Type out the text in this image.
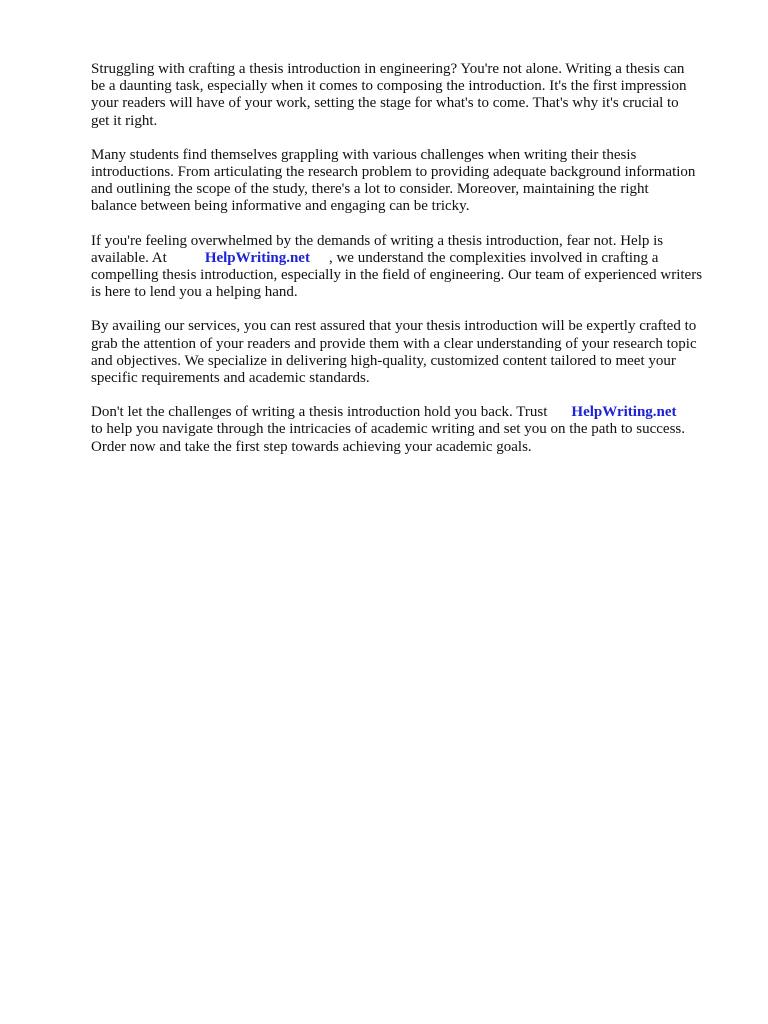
Struggling with crafting a thesis introduction in engineering? You're not alone. Writing a thesis can
be a daunting task, especially when it comes to composing the introduction. It's the first impression
your readers will have of your work, setting the stage for what's to come. That's why it's crucial to
get it right.

Many students find themselves grappling with various challenges when writing their thesis
introductions. From articulating the research problem to providing adequate background information
and outlining the scope of the study, there's a lot to consider. Moreover, maintaining the right
balance between being informative and engaging can be tricky.

If you're feeling overwhelmed by the demands of writing a thesis introduction, fear not. Help is
available. At	HelpWriting.net , we understand the complexities involved in crafting a
compelling thesis introduction, especially in the field of engineering. Our team of experienced writers
is here to lend you a helping hand.

By availing our services, you can rest assured that your thesis introduction will be expertly crafted to
grab the attention of your readers and provide them with a clear understanding of your research topic
and objectives. We specialize in delivering high-quality, customized content tailored to meet your
specific requirements and academic standards.

Don't let the challenges of writing a thesis introduction hold you back. Trust HelpWriting.net
to help you navigate through the intricacies of academic writing and set you on the path to success.
Order now and take the first step towards achieving your academic goals.
